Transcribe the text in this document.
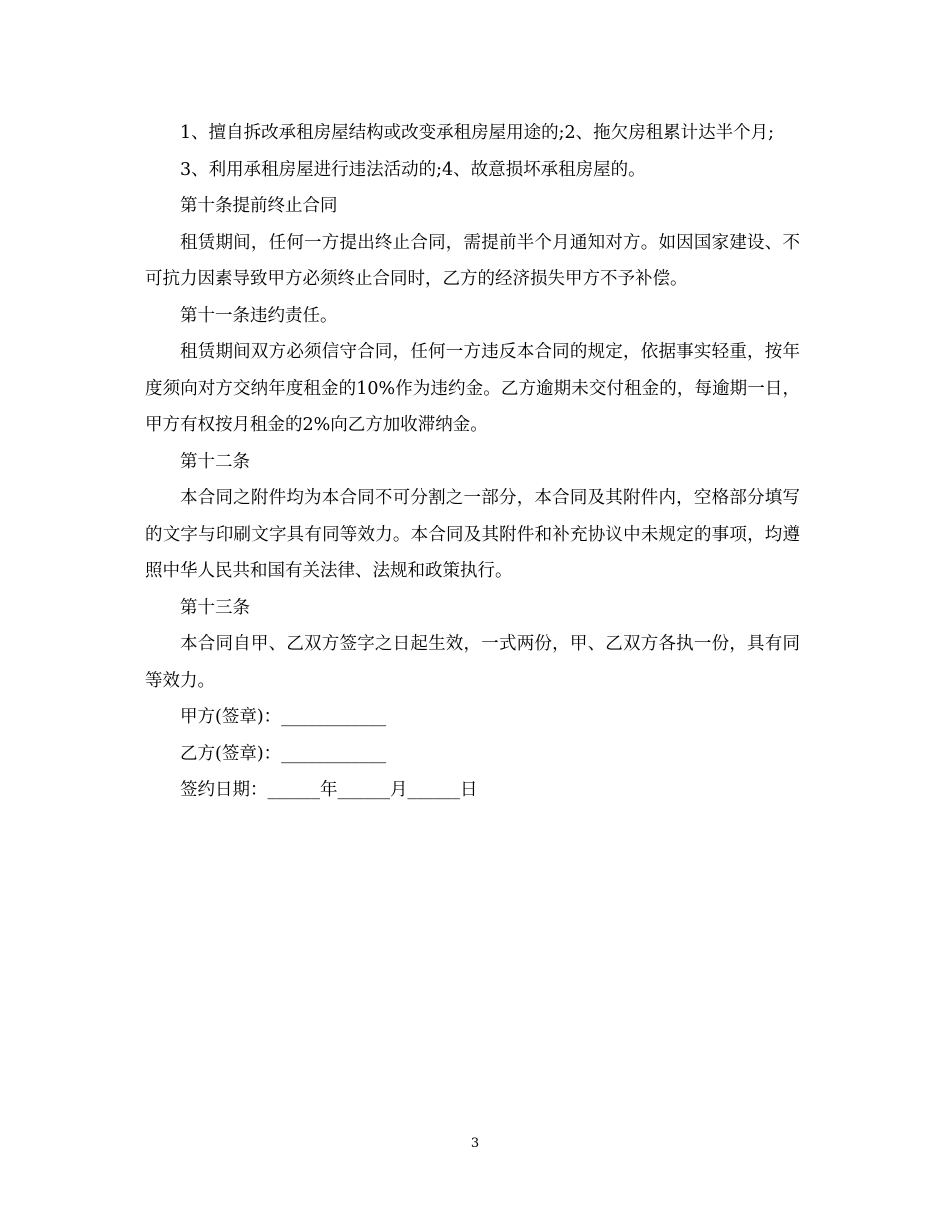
1、擅自拆改承租房屋结构或改变承租房屋用途的;2、拖欠房租累计达半个月;

3、利用承租房屋进行违法活动的;4、故意损坏承租房屋的。

第十条提前终止合同

租赁期间，任何一方提出终止合同，需提前半个月通知对方。如因国家建设、不可抗力因素导致甲方必须终止合同时，乙方的经济损失甲方不予补偿。

第十一条违约责任。

租赁期间双方必须信守合同，任何一方违反本合同的规定，依据事实轻重，按年度须向对方交纳年度租金的10%作为违约金。乙方逾期未交付租金的，每逾期一日，甲方有权按月租金的2%向乙方加收滞纳金。

第十二条

本合同之附件均为本合同不可分割之一部分，本合同及其附件内，空格部分填写的文字与印刷文字具有同等效力。本合同及其附件和补充协议中未规定的事项，均遵照中华人民共和国有关法律、法规和政策执行。

第十三条

本合同自甲、乙双方签字之日起生效，一式两份，甲、乙双方各执一份，具有同等效力。

甲方(签章)：____________

乙方(签章)：____________

签约日期：______年______月______日

3
